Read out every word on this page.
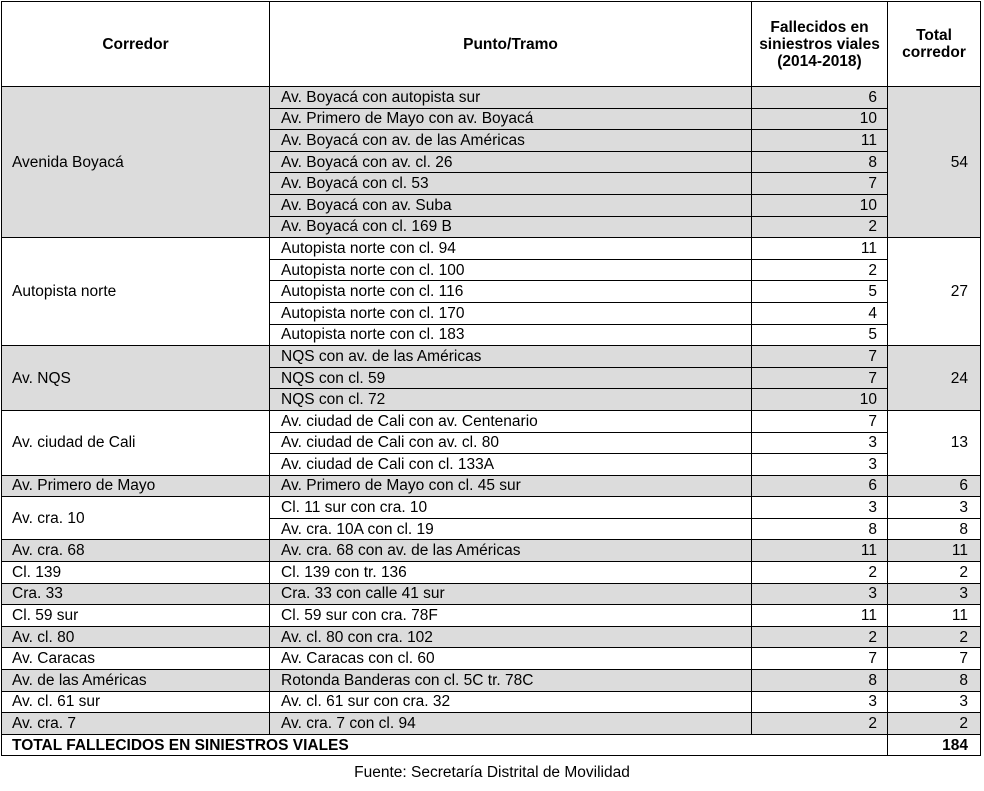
Corredor	Punto/Tramo	Fallecidos en siniestros viales (2014-2018)	Total corredor
Avenida Boyacá	Av. Boyacá con autopista sur	6	54
	Av. Primero de Mayo con av. Boyacá	10	
	Av. Boyacá con av. de las Américas	11	
	Av. Boyacá con av. cl. 26	8	
	Av. Boyacá con cl. 53	7	
	Av. Boyacá con av. Suba	10	
	Av. Boyacá con cl. 169 B	2	
Autopista norte	Autopista norte con cl. 94	11	27
	Autopista norte con cl. 100	2	
	Autopista norte con cl. 116	5	
	Autopista norte con cl. 170	4	
	Autopista norte con cl. 183	5	
Av. NQS	NQS con av. de las Américas	7	24
	NQS con cl. 59	7	
	NQS con cl. 72	10	
Av. ciudad de Cali	Av. ciudad de Cali con av. Centenario	7	13
	Av. ciudad de Cali con av. cl. 80	3	
	Av. ciudad de Cali con cl. 133A	3	
Av. Primero de Mayo	Av. Primero de Mayo con cl. 45 sur	6	6
Av. cra. 10	Cl. 11 sur con cra. 10	3	3
	Av. cra. 10A con cl. 19	8	8
Av. cra. 68	Av. cra. 68 con av. de las Américas	11	11
Cl. 139	Cl. 139 con tr. 136	2	2
Cra. 33	Cra. 33 con calle 41 sur	3	3
Cl. 59 sur	Cl. 59 sur con cra. 78F	11	11
Av. cl. 80	Av. cl. 80 con cra. 102	2	2
Av. Caracas	Av. Caracas con cl. 60	7	7
Av. de las Américas	Rotonda Banderas con cl. 5C tr. 78C	8	8
Av. cl. 61 sur	Av. cl. 61 sur con cra. 32	3	3
Av. cra. 7	Av. cra. 7 con cl. 94	2	2
TOTAL FALLECIDOS EN SINIESTROS VIALES			184
Fuente: Secretaría Distrital de Movilidad
